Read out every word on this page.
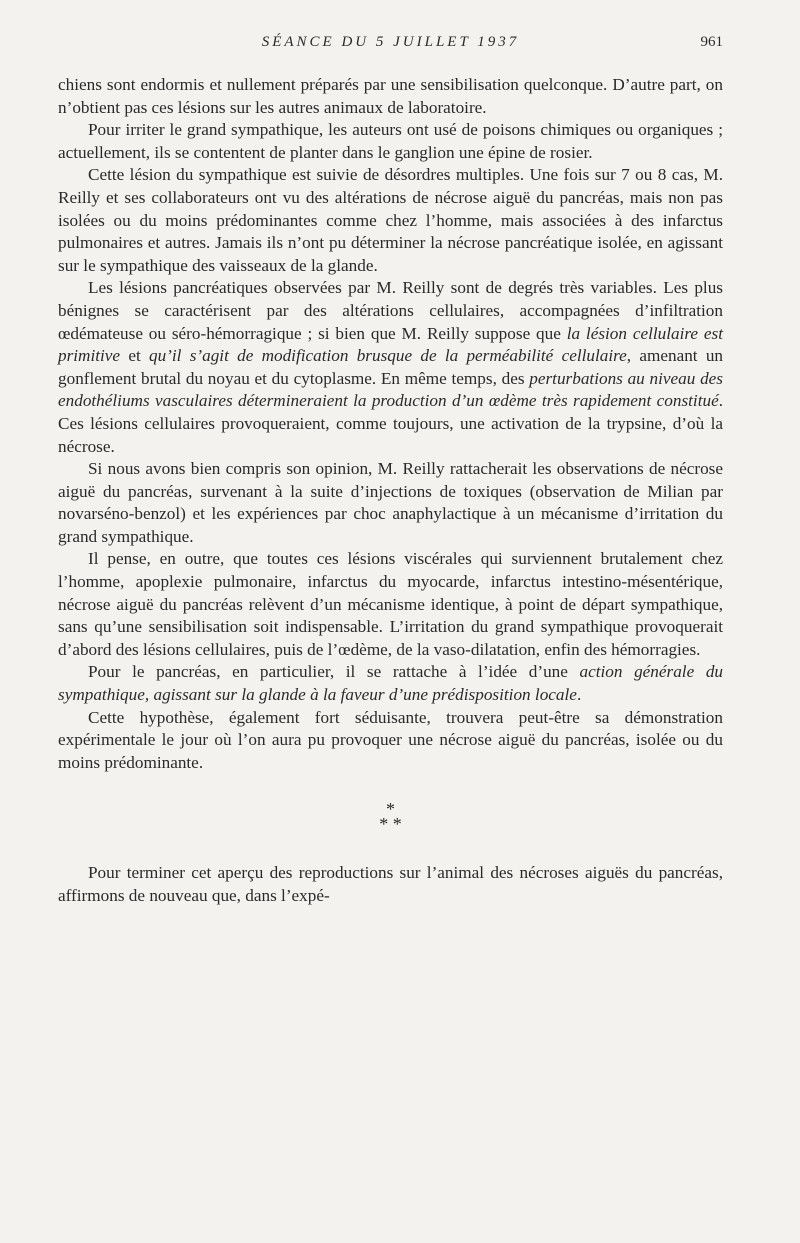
SÉANCE DU 5 JUILLET 1937	961

chiens sont endormis et nullement préparés par une sensibilisation quelconque. D’autre part, on n’obtient pas ces lésions sur les autres animaux de laboratoire.

Pour irriter le grand sympathique, les auteurs ont usé de poisons chimiques ou organiques ; actuellement, ils se contentent de planter dans le ganglion une épine de rosier.

Cette lésion du sympathique est suivie de désordres multiples. Une fois sur 7 ou 8 cas, M. Reilly et ses collaborateurs ont vu des altérations de nécrose aiguë du pancréas, mais non pas isolées ou du moins prédominantes comme chez l’homme, mais associées à des infarctus pulmonaires et autres. Jamais ils n’ont pu déterminer la nécrose pancréatique isolée, en agissant sur le sympathique des vaisseaux de la glande.

Les lésions pancréatiques observées par M. Reilly sont de degrés très variables. Les plus bénignes se caractérisent par des altérations cellulaires, accompagnées d’infiltration œdémateuse ou séro-hémorragique ; si bien que M. Reilly suppose que la lésion cellulaire est primitive et qu’il s’agit de modification brusque de la perméabilité cellulaire, amenant un gonflement brutal du noyau et du cytoplasme. En même temps, des perturbations au niveau des endothéliums vasculaires détermineraient la production d’un œdème très rapidement constitué. Ces lésions cellulaires provoqueraient, comme toujours, une activation de la trypsine, d’où la nécrose.

Si nous avons bien compris son opinion, M. Reilly rattacherait les observations de nécrose aiguë du pancréas, survenant à la suite d’injections de toxiques (observation de Milian par novarséno-benzol) et les expériences par choc anaphylactique à un mécanisme d’irritation du grand sympathique.

Il pense, en outre, que toutes ces lésions viscérales qui surviennent brutalement chez l’homme, apoplexie pulmonaire, infarctus du myocarde, infarctus intestino-mésentérique, nécrose aiguë du pancréas relèvent d’un mécanisme identique, à point de départ sympathique, sans qu’une sensibilisation soit indispensable. L’irritation du grand sympathique provoquerait d’abord des lésions cellulaires, puis de l’œdème, de la vaso-dilatation, enfin des hémorragies.

Pour le pancréas, en particulier, il se rattache à l’idée d’une action générale du sympathique, agissant sur la glande à la faveur d’une prédisposition locale.

Cette hypothèse, également fort séduisante, trouvera peut-être sa démonstration expérimentale le jour où l’on aura pu provoquer une nécrose aiguë du pancréas, isolée ou du moins prédominante.

*
* *

Pour terminer cet aperçu des reproductions sur l’animal des nécroses aiguës du pancréas, affirmons de nouveau que, dans l’expé-
